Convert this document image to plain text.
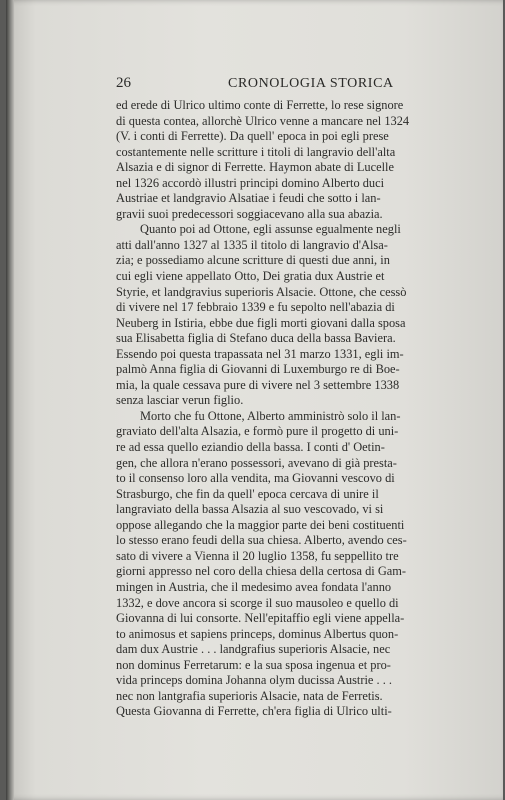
26	CRONOLOGIA STORICA
ed erede di Ulrico ultimo conte di Ferrette, lo rese signore
di questa contea, allorchè Ulrico venne a mancare nel 1324
(V. i conti di Ferrette). Da quell' epoca in poi egli prese
costantemente nelle scritture i titoli di langravio dell'alta
Alsazia e di signor di Ferrette. Haymon abate di Lucelle
nel 1326 accordò illustri principi domino Alberto duci
Austriae et landgravio Alsatiae i feudi che sotto i lan-
gravii suoi predecessori soggiacevano alla sua abazia.
Quanto poi ad Ottone, egli assunse egualmente negli
atti dall'anno 1327 al 1335 il titolo di langravio d'Alsa-
zia; e possediamo alcune scritture di questi due anni, in
cui egli viene appellato Otto, Dei gratia dux Austrie et
Styrie, et landgravius superioris Alsacie. Ottone, che cessò
di vivere nel 17 febbraio 1339 e fu sepolto nell'abazia di
Neuberg in Istiria, ebbe due figli morti giovani dalla sposa
sua Elisabetta figlia di Stefano duca della bassa Baviera.
Essendo poi questa trapassata nel 31 marzo 1331, egli im-
palmò Anna figlia di Giovanni di Luxemburgo re di Boe-
mia, la quale cessava pure di vivere nel 3 settembre 1338
senza lasciar verun figlio.
Morto che fu Ottone, Alberto amministrò solo il lan-
graviato dell'alta Alsazia, e formò pure il progetto di uni-
re ad essa quello eziandio della bassa. I conti d' Oetin-
gen, che allora n'erano possessori, avevano di già presta-
to il consenso loro alla vendita, ma Giovanni vescovo di
Strasburgo, che fin da quell' epoca cercava di unire il
langraviato della bassa Alsazia al suo vescovado, vi si
oppose allegando che la maggior parte dei beni costituenti
lo stesso erano feudi della sua chiesa. Alberto, avendo ces-
sato di vivere a Vienna il 20 luglio 1358, fu seppellito tre
giorni appresso nel coro della chiesa della certosa di Gam-
mingen in Austria, che il medesimo avea fondata l'anno
1332, e dove ancora si scorge il suo mausoleo e quello di
Giovanna di lui consorte. Nell'epitaffio egli viene appella-
to animosus et sapiens princeps, dominus Albertus quon-
dam dux Austrie . . . landgrafius superioris Alsacie, nec
non dominus Ferretarum: e la sua sposa ingenua et pro-
vida princeps domina Johanna olym ducissa Austrie . . .
nec non lantgrafia superioris Alsacie, nata de Ferretis.
Questa Giovanna di Ferrette, ch'era figlia di Ulrico ulti-
